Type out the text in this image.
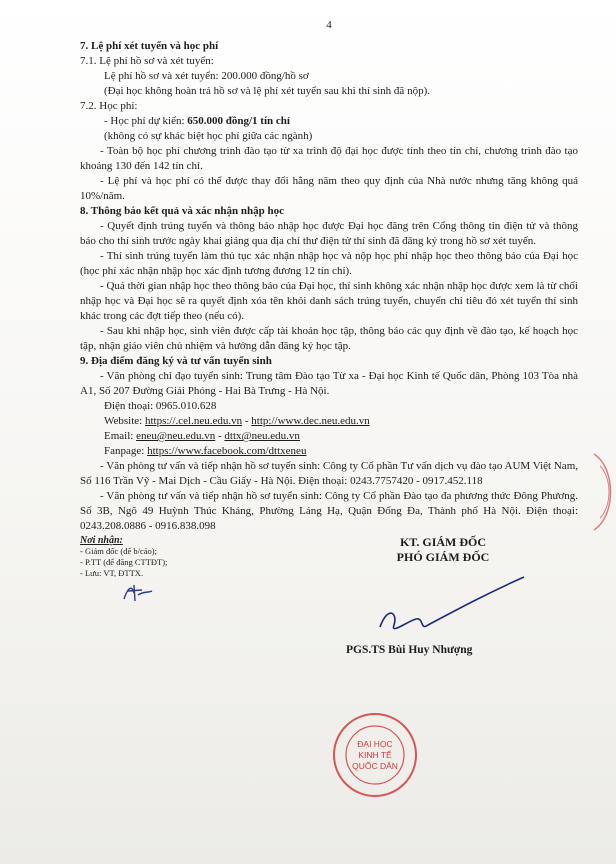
4

7. Lệ phí xét tuyển và học phí

7.1. Lệ phí hồ sơ và xét tuyển:

Lệ phí hồ sơ và xét tuyển: 200.000 đồng/hồ sơ

(Đại học không hoàn trả hồ sơ và lệ phí xét tuyển sau khi thí sinh đã nộp).

7.2. Học phí:

- Học phí dự kiến: 650.000 đồng/1 tín chỉ

(không có sự khác biệt học phí giữa các ngành)

- Toàn bộ học phí chương trình đào tạo từ xa trình độ đại học được tính theo tín chỉ, chương trình đào tạo khoảng 130 đến 142 tín chỉ.

- Lệ phí và học phí có thể được thay đổi hằng năm theo quy định của Nhà nước nhưng tăng không quá 10%/năm.

8. Thông báo kết quả và xác nhận nhập học

- Quyết định trúng tuyển và thông báo nhập học được Đại học đăng trên Cổng thông tin điện tử và thông báo cho thí sinh trước ngày khai giảng qua địa chỉ thư điện tử thí sinh đã đăng ký trong hồ sơ xét tuyển.

- Thí sinh trúng tuyển làm thủ tục xác nhận nhập học và nộp học phí nhập học theo thông báo của Đại học (học phí xác nhận nhập học xác định tương đương 12 tín chỉ).

- Quá thời gian nhập học theo thông báo của Đại học, thí sinh không xác nhận nhập học được xem là từ chối nhập học và Đại học sẽ ra quyết định xóa tên khỏi danh sách trúng tuyển, chuyển chỉ tiêu đó xét tuyển thí sinh khác trong các đợt tiếp theo (nếu có).

- Sau khi nhập học, sinh viên được cấp tài khoản học tập, thông báo các quy định về đào tạo, kế hoạch học tập, nhận giáo viên chủ nhiệm và hướng dẫn đăng ký học tập.

9. Địa điểm đăng ký và tư vấn tuyển sinh

- Văn phòng chỉ đạo tuyển sinh: Trung tâm Đào tạo Từ xa - Đại học Kinh tế Quốc dân, Phòng 103 Tòa nhà A1, Số 207 Đường Giải Phóng - Hai Bà Trưng - Hà Nội.

Điện thoại: 0965.010.628

Website: https://.cel.neu.edu.vn - http://www.dec.neu.edu.vn

Email: eneu@neu.edu.vn - dttx@neu.edu.vn

Fanpage: https://www.facebook.com/dttxeneu

- Văn phòng tư vấn và tiếp nhận hồ sơ tuyển sinh: Công ty Cổ phần Tư vấn dịch vụ đào tạo AUM Việt Nam, Số 116 Trần Vỹ - Mai Dịch - Cầu Giấy - Hà Nội. Điện thoại: 0243.7757420 - 0917.452.118

- Văn phòng tư vấn và tiếp nhận hồ sơ tuyển sinh: Công ty Cổ phần Đào tạo đa phương thức Đông Phương. Số 3B, Ngõ 49 Huỳnh Thúc Kháng, Phường Láng Hạ, Quận Đống Đa, Thành phố Hà Nội. Điện thoại: 0243.208.0886 - 0916.838.098

Nơi nhận:
- Giám đốc (để b/cáo);
- P.TT (để đăng CTTĐT);
- Lưu: VT, ĐTTX.
KT. GIÁM ĐỐC
PHÓ GIÁM ĐỐC
PGS.TS Bùi Huy Nhượng
ĐẠI HỌC
KINH TẾ
QUỐC DÂN
